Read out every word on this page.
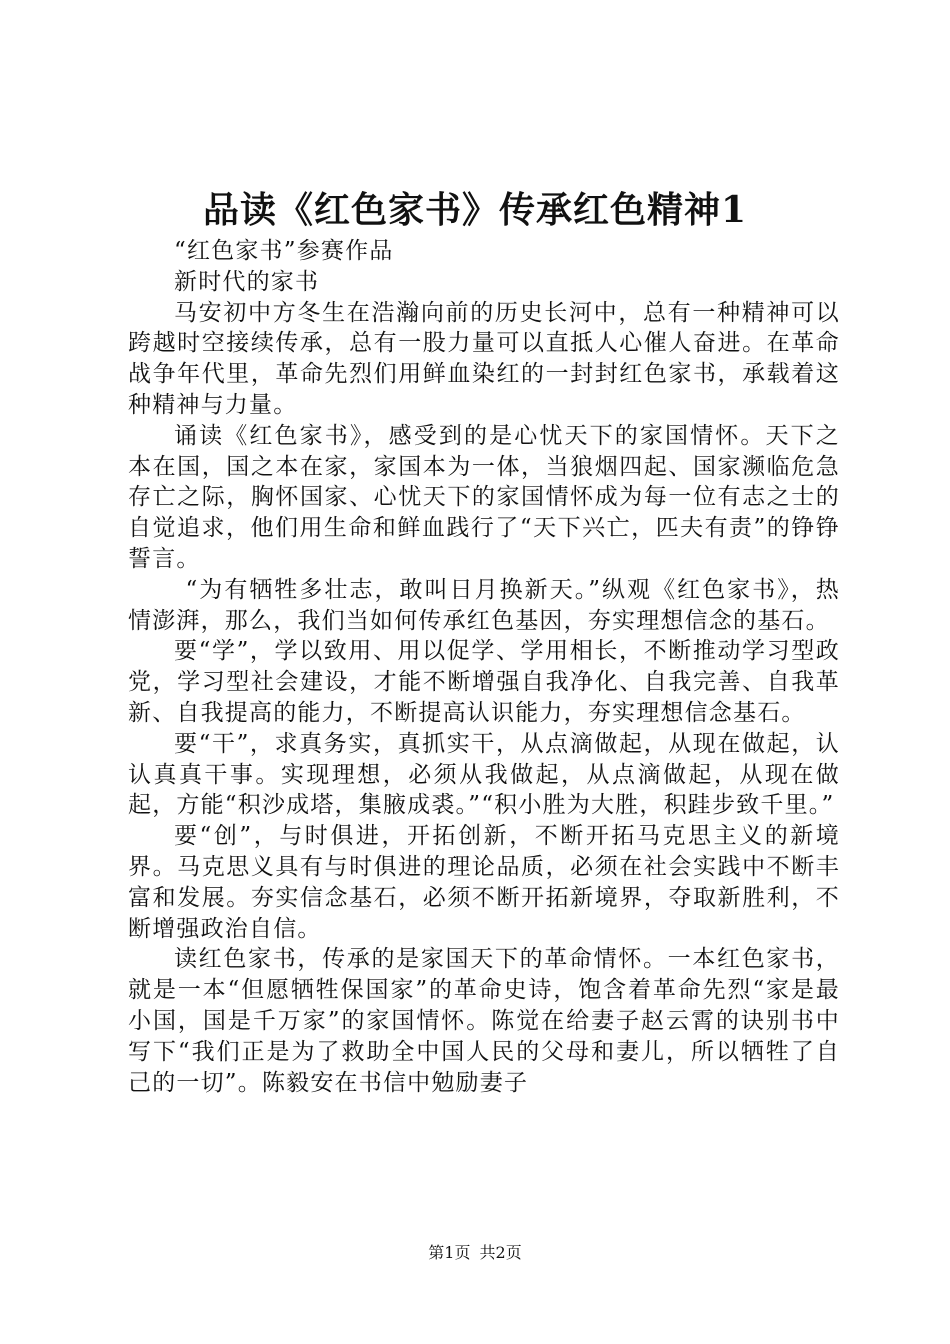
品读《红色家书》传承红色精神1

“红色家书”参赛作品

新时代的家书

马安初中方冬生在浩瀚向前的历史长河中，总有一种精神可以跨越时空接续传承，总有一股力量可以直抵人心催人奋进。在革命战争年代里，革命先烈们用鲜血染红的一封封红色家书，承载着这种精神与力量。

诵读《红色家书》，感受到的是心忧天下的家国情怀。天下之本在国，国之本在家，家国本为一体，当狼烟四起、国家濒临危急存亡之际，胸怀国家、心忧天下的家国情怀成为每一位有志之士的自觉追求，他们用生命和鲜血践行了“天下兴亡，匹夫有责”的铮铮誓言。

“为有牺牲多壮志，敢叫日月换新天。”纵观《红色家书》，热情澎湃，那么，我们当如何传承红色基因，夯实理想信念的基石。

要“学”，学以致用、用以促学、学用相长，不断推动学习型政党，学习型社会建设，才能不断增强自我净化、自我完善、自我革新、自我提高的能力，不断提高认识能力，夯实理想信念基石。

要“干”，求真务实，真抓实干，从点滴做起，从现在做起，认认真真干事。实现理想，必须从我做起，从点滴做起，从现在做起，方能“积沙成塔，集腋成裘。”“积小胜为大胜，积跬步致千里。”

要“创”，与时俱进，开拓创新，不断开拓马克思主义的新境界。马克思义具有与时俱进的理论品质，必须在社会实践中不断丰富和发展。夯实信念基石，必须不断开拓新境界，夺取新胜利，不断增强政治自信。

读红色家书，传承的是家国天下的革命情怀。一本红色家书，就是一本“但愿牺牲保国家”的革命史诗，饱含着革命先烈“家是最小国，国是千万家”的家国情怀。陈觉在给妻子赵云霄的诀别书中写下“我们正是为了救助全中国人民的父母和妻儿，所以牺牲了自己的一切”。陈毅安在书信中勉励妻子

第1页 共2页
